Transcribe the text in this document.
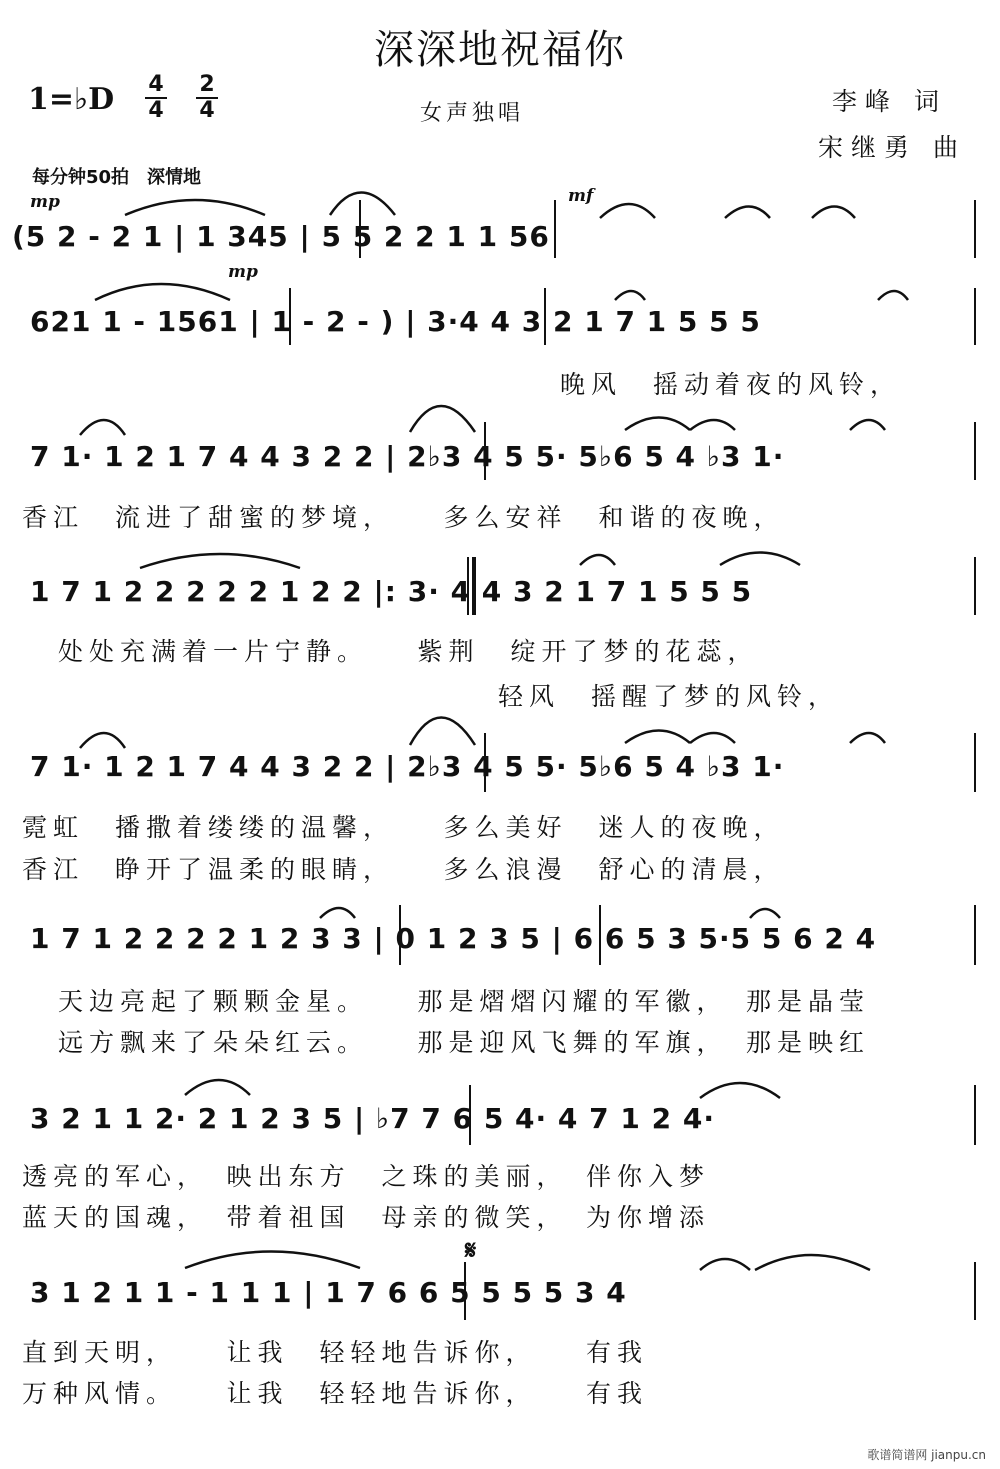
深深地祝福你
1=♭D 4
4
2
4	女声独唱	李峰 词
宋继勇 曲
每分钟50拍　深情地
mp
mp
mf
(5 2 - 2 1 | 1 345 | 5 5 2 2 1 1 56
621 1 - 1561 | 1 - 2 - ) | 3·4 4 3 2 1 7 1 5 5 5
晚风　摇动着夜的风铃，
7 1· 1 2 1 7 4 4 3 2 2 | 2♭3 4 5 5· 5♭6 5 4 ♭3 1·
香江　流进了甜蜜的梦境，　　多么安祥　和谐的夜晚，
1 7 1 2 2 2 2 2 1 2 2 |: 3· 4 4 3 2 1 7 1 5 5 5
处处充满着一片宁静。　　紫荆　绽开了梦的花蕊，
轻风　摇醒了梦的风铃，
7 1· 1 2 1 7 4 4 3 2 2 | 2♭3 4 5 5· 5♭6 5 4 ♭3 1·
霓虹　播撒着缕缕的温馨，　　多么美好　迷人的夜晚，
香江　睁开了温柔的眼睛，　　多么浪漫　舒心的清晨，
1 7 1 2 2 2 2 1 2 3 3 | 0 1 2 3 5 | 6 6 5 3 5·5 5 6 2 4
天边亮起了颗颗金星。　　那是熠熠闪耀的军徽，　那是晶莹
远方飘来了朵朵红云。　　那是迎风飞舞的军旗，　那是映红
3 2 1 1 2· 2 1 2 3 5 | ♭7 7 6 5 4· 4 7 1 2 4·
透亮的军心，　映出东方　之珠的美丽，　伴你入梦
蓝天的国魂，　带着祖国　母亲的微笑，　为你增添
𝄋
3 1 2 1 1 - 1 1 1 | 1 7 6 6 5 5 5 5 3 4
直到天明，　　让我　轻轻地告诉你，　　有我
万种风情。　　让我　轻轻地告诉你，　　有我
歌谱简谱网 jianpu.cn
